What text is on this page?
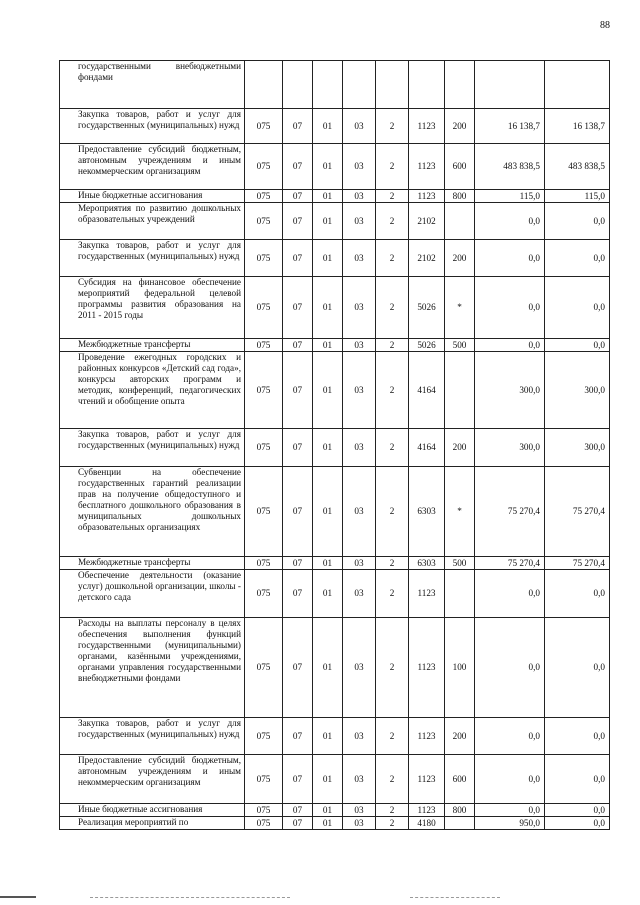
88
государственными внебюджетными фондами									
Закупка товаров, работ и услуг для государственных (муниципальных) нужд	075	07	01	03	2	1123	200	16 138,7	16 138,7
Предоставление субсидий бюджетным, автономным учреждениям и иным некоммерческим организациям	075	07	01	03	2	1123	600	483 838,5	483 838,5
Иные бюджетные ассигнования	075	07	01	03	2	1123	800	115,0	115,0
Мероприятия по развитию дошкольных образовательных учреждений	075	07	01	03	2	2102		0,0	0,0
Закупка товаров, работ и услуг для государственных (муниципальных) нужд	075	07	01	03	2	2102	200	0,0	0,0
Субсидия на финансовое обеспечение мероприятий федеральной целевой программы развития образования на 2011 - 2015 годы	075	07	01	03	2	5026	*	0,0	0,0
Межбюджетные трансферты	075	07	01	03	2	5026	500	0,0	0,0
Проведение ежегодных городских и районных конкурсов «Детский сад года», конкурсы авторских программ и методик, конференций, педагогических чтений и обобщение опыта	075	07	01	03	2	4164		300,0	300,0
Закупка товаров, работ и услуг для государственных (муниципальных) нужд	075	07	01	03	2	4164	200	300,0	300,0
Субвенции на обеспечение государственных гарантий реализации прав на получение общедоступного и бесплатного дошкольного образования в муниципальных дошкольных образовательных организациях	075	07	01	03	2	6303	*	75 270,4	75 270,4
Межбюджетные трансферты	075	07	01	03	2	6303	500	75 270,4	75 270,4
Обеспечение деятельности (оказание услуг) дошкольной организации, школы - детского сада	075	07	01	03	2	1123		0,0	0,0
Расходы на выплаты персоналу в целях обеспечения выполнения функций государственными (муниципальными) органами, казёнными учреждениями, органами управления государственными внебюджетными фондами	075	07	01	03	2	1123	100	0,0	0,0
Закупка товаров, работ и услуг для государственных (муниципальных) нужд	075	07	01	03	2	1123	200	0,0	0,0
Предоставление субсидий бюджетным, автономным учреждениям и иным некоммерческим организациям	075	07	01	03	2	1123	600	0,0	0,0
Иные бюджетные ассигнования	075	07	01	03	2	1123	800	0,0	0,0
Реализация мероприятий по	075	07	01	03	2	4180		950,0	0,0
